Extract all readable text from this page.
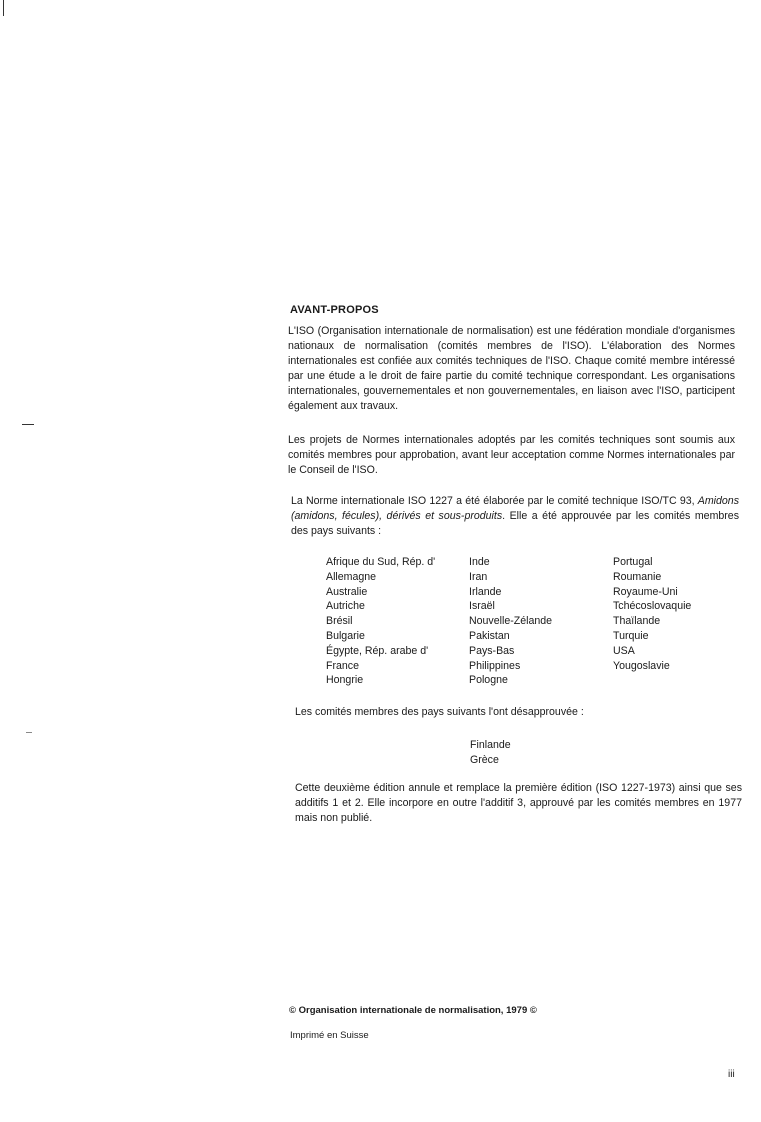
AVANT-PROPOS
L'ISO (Organisation internationale de normalisation) est une fédération mondiale d'organismes nationaux de normalisation (comités membres de l'ISO). L'élaboration des Normes internationales est confiée aux comités techniques de l'ISO. Chaque comité membre intéressé par une étude a le droit de faire partie du comité technique correspondant. Les organisations internationales, gouvernementales et non gouvernementales, en liaison avec l'ISO, participent également aux travaux.
Les projets de Normes internationales adoptés par les comités techniques sont soumis aux comités membres pour approbation, avant leur acceptation comme Normes internationales par le Conseil de l'ISO.
La Norme internationale ISO 1227 a été élaborée par le comité technique ISO/TC 93, Amidons (amidons, fécules), dérivés et sous-produits. Elle a été approuvée par les comités membres des pays suivants :
Afrique du Sud, Rép. d'
Allemagne
Australie
Autriche
Brésil
Bulgarie
Égypte, Rép. arabe d'
France
Hongrie
Inde
Iran
Irlande
Israël
Nouvelle-Zélande
Pakistan
Pays-Bas
Philippines
Pologne
Portugal
Roumanie
Royaume-Uni
Tchécoslovaquie
Thaïlande
Turquie
USA
Yougoslavie
Les comités membres des pays suivants l'ont désapprouvée :
Finlande
Grèce
Cette deuxième édition annule et remplace la première édition (ISO 1227-1973) ainsi que ses additifs 1 et 2. Elle incorpore en outre l'additif 3, approuvé par les comités membres en 1977 mais non publié.
© Organisation internationale de normalisation, 1979 ©
Imprimé en Suisse
iii
